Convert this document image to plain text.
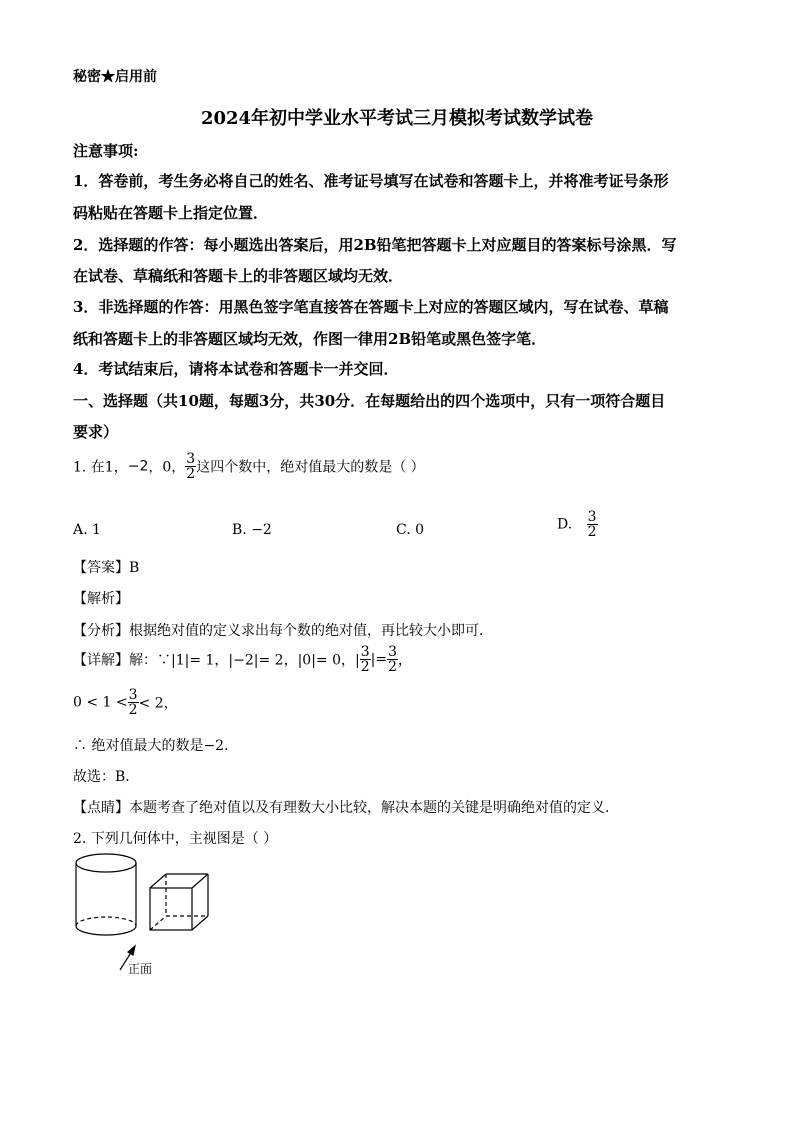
秘密★启用前
2024年初中学业水平考试三月模拟考试数学试卷
注意事项:
1．答卷前，考生务必将自己的姓名、准考证号填写在试卷和答题卡上，并将准考证号条形
码粘贴在答题卡上指定位置．
2．选择题的作答：每小题选出答案后，用2B铅笔把答题卡上对应题目的答案标号涂黑．写
在试卷、草稿纸和答题卡上的非答题区域均无效．
3．非选择题的作答：用黑色签字笔直接答在答题卡上对应的答题区域内，写在试卷、草稿
纸和答题卡上的非答题区域均无效，作图一律用2B铅笔或黑色签字笔．
4．考试结束后，请将本试卷和答题卡一并交回．
一、选择题（共10题，每题3分，共30分．在每题给出的四个选项中，只有一项符合题目
要求）
1. 在1，−2，0， $\frac{3}{2}$ 这四个数中，绝对值最大的数是（ ）
A. 1	B. −2	C. 0	D. $\frac{3}{2}$
【答案】B
【解析】
【分析】根据绝对值的定义求出每个数的绝对值，再比较大小即可．
【详解】解：∵|1|= 1，|−2|= 2，|0|= 0，| $\frac{3}{2}$ |= $\frac{3}{2}$ ，
$0 < 1 < \frac{3}{2} < 2$，
∴ 绝对值最大的数是−2．
故选：B．
【点睛】本题考查了绝对值以及有理数大小比较，解决本题的关键是明确绝对值的定义．
2. 下列几何体中，主视图是（ ）
正面
